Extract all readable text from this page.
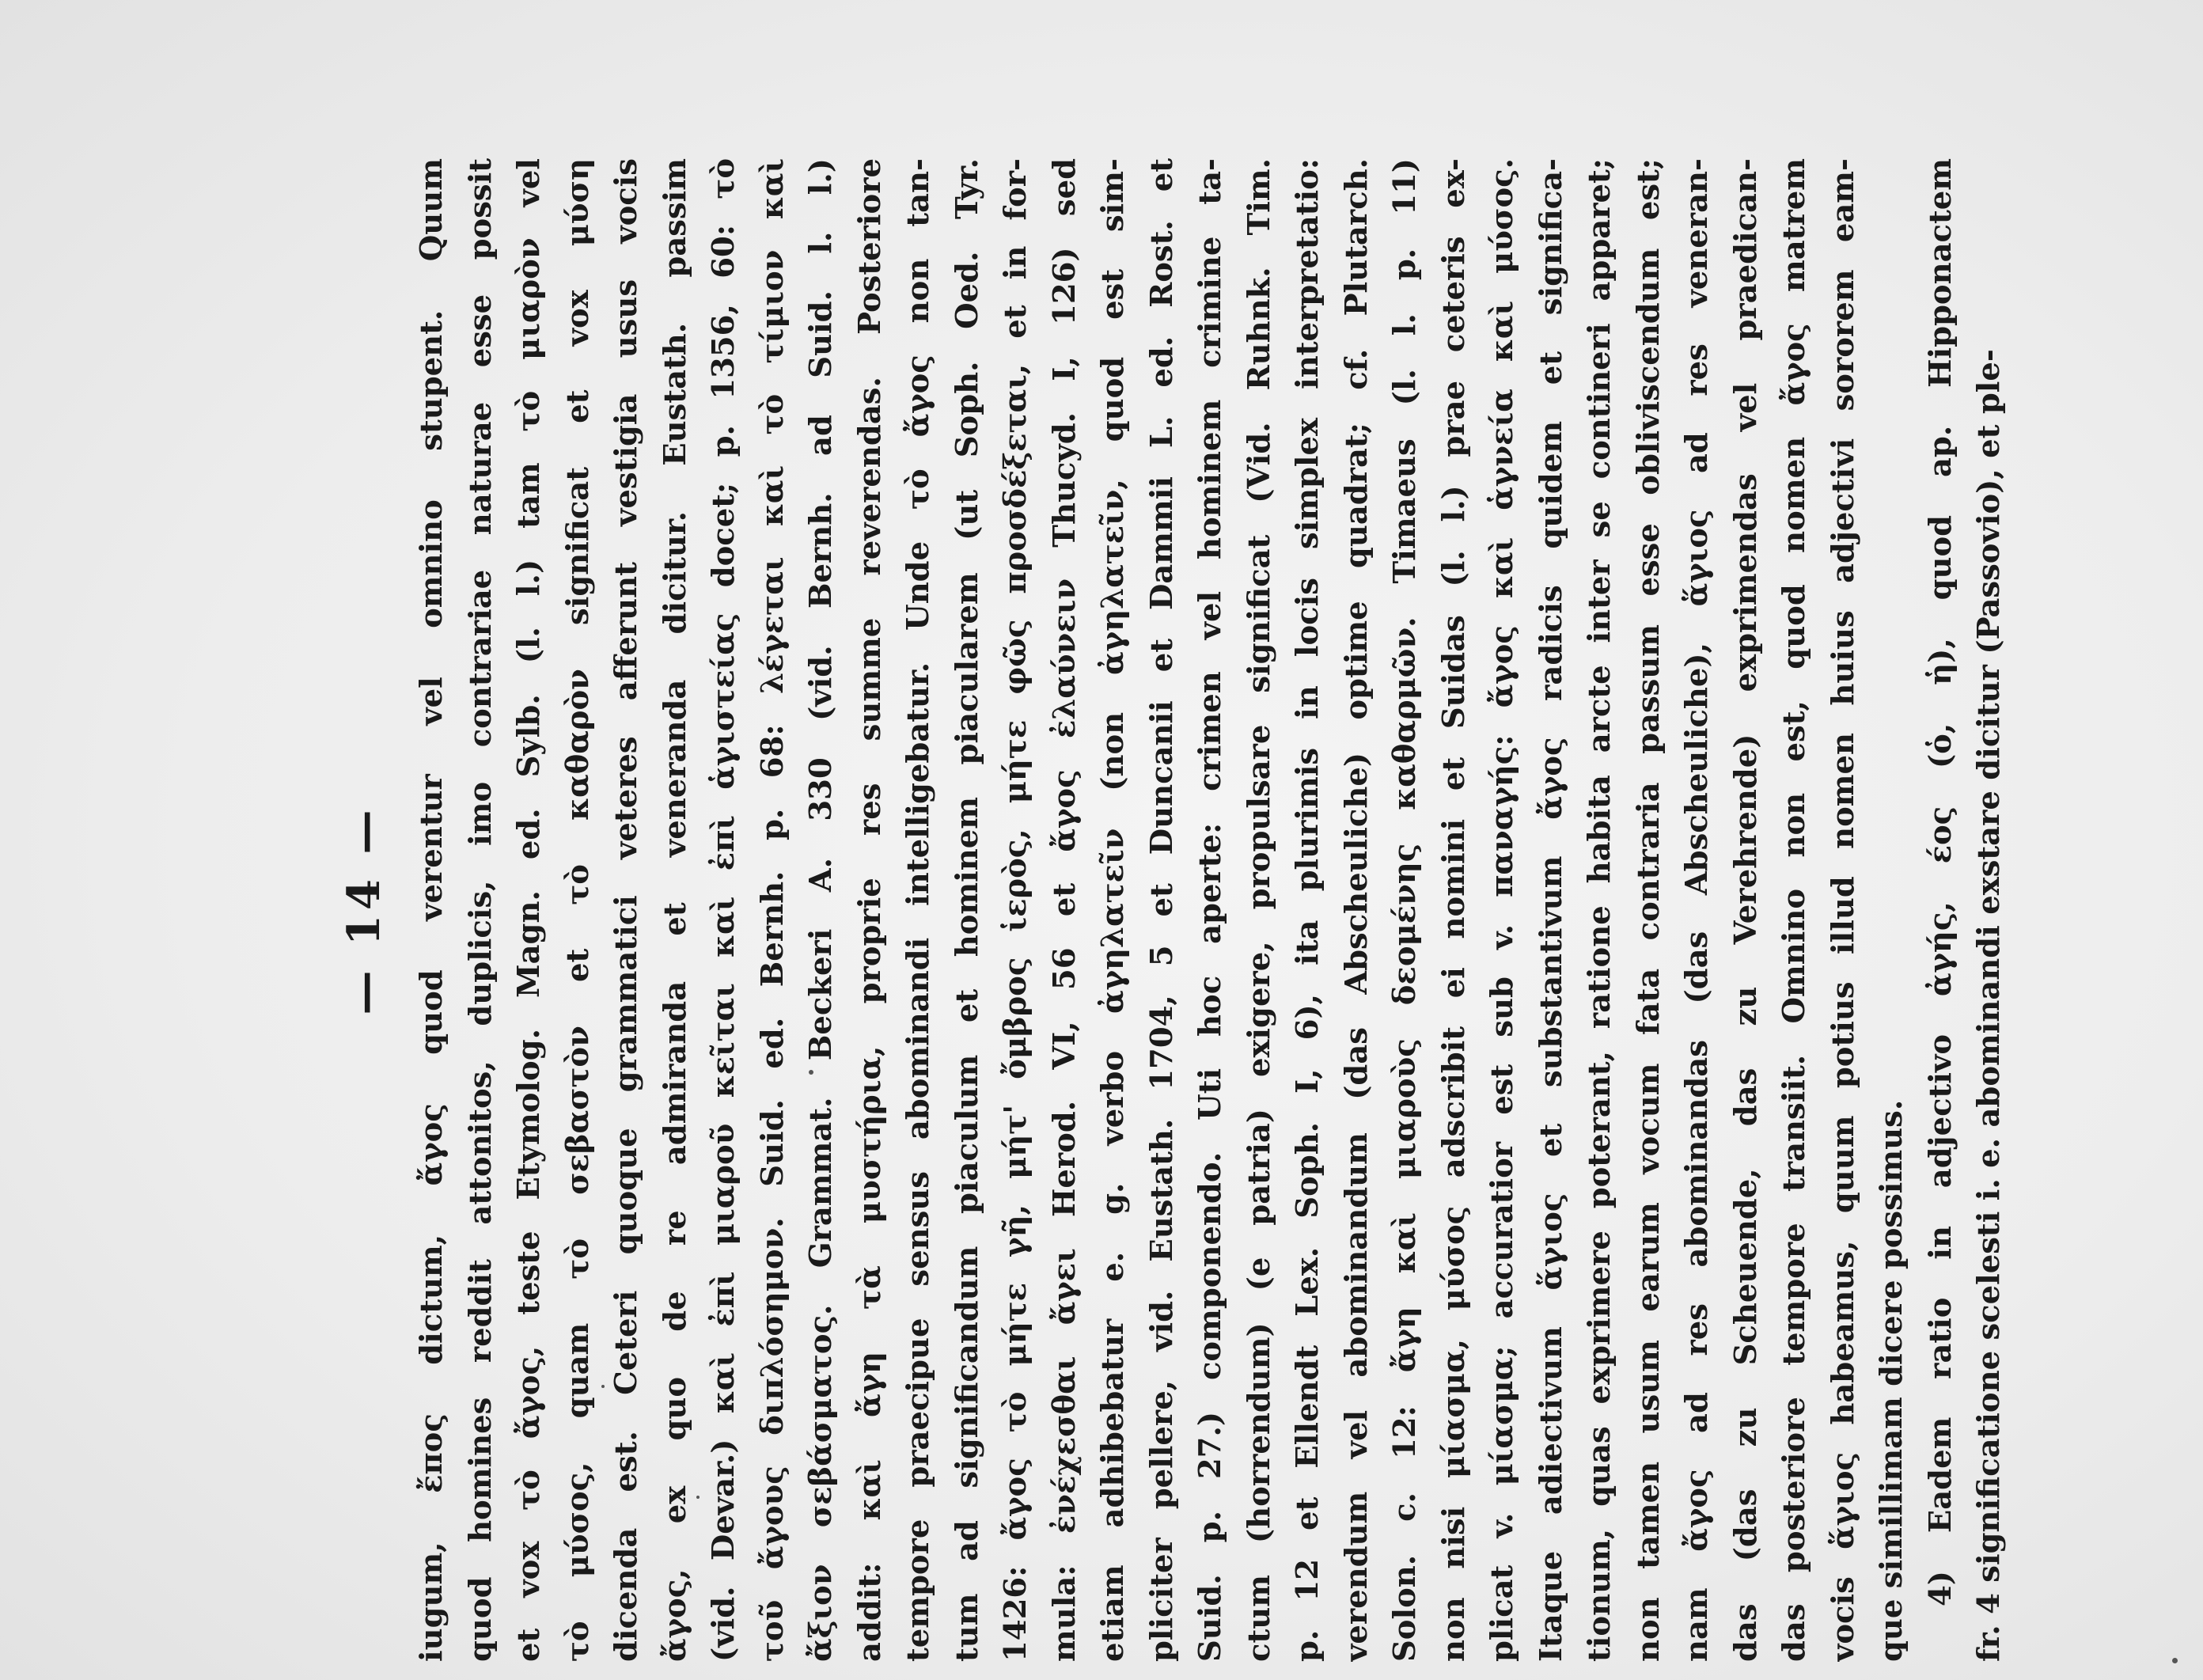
— 14 — iugum, ἔπος dictum, ἄγος quod verentur vel omnino stupent. Quum quod homines reddit attonitos, duplicis, imo contrariae naturae esse possit et vox τὸ ἄγος, teste Etymolog. Magn. ed. Sylb. (l. l.) tam τὸ μιαρὸν vel τὸ μύσος, quam τὸ σεβαστὸν et τὸ καθαρὸν significat et vox μύση dicenda est. Ceteri quoque grammatici veteres afferunt vestigia usus vocis ἄγος, ex quo de re admiranda et veneranda dicitur. Eustath. passim (vid. Devar.) καὶ ἐπὶ μιαροῦ κεῖται καὶ ἐπὶ ἁγιστείας docet; p. 1356, 60: τὸ τοῦ ἄγους διπλόσημον. Suid. ed. Bernh. p. 68: λέγεται καὶ τὸ τίμιον καὶ ἄξιον σεβάσματος. Grammat. Beckeri A. 330 (vid. Bernh. ad Suid. l. l.) addit: καὶ ἄγη τὰ μυστήρια, proprie res summe reverendas. Posteriore tempore praecipue sensus abominandi intelligebatur. Unde τὸ ἄγος non tan- tum ad significandum piaculum et hominem piacularem (ut Soph. Oed. Tyr. 1426: ἄγος τὸ μήτε γῆ, μήτ' ὄμβρος ἱερὸς, μήτε φῶς προσδέξεται, et in for- mula: ἐνέχεσθαι ἄγει Herod. VI, 56 et ἄγος ἐλαύνειν Thucyd. I, 126) sed etiam adhibebatur e. g. verbo ἀγηλατεῖν (non ἀγηλατεῖν, quod est sim- pliciter pellere, vid. Eustath. 1704, 5 et Duncanii et Dammii L. ed. Rost. et Suid. p. 27.) componendo. Uti hoc aperte: crimen vel hominem crimine ta- ctum (horrendum) (e patria) exigere, propulsare significat (Vid. Ruhnk. Tim. p. 12 et Ellendt Lex. Soph. I, 6), ita plurimis in locis simplex interpretatio: verendum vel abominandum (das Abscheuliche) optime quadrat; cf. Plutarch. Solon. c. 12: ἄγη καὶ μιαροὺς δεομένης καθαρμῶν. Timaeus (l. l. p. 11) non nisi μίασμα, μύσος adscribit ei nomini et Suidas (l. l.) prae ceteris ex- plicat v. μίασμα; accuratior est sub v. παναγής: ἄγος καὶ ἁγνεία καὶ μύσος. Itaque adiectivum ἅγιος et substantivum ἄγος radicis quidem et significa- tionum, quas exprimere poterant, ratione habita arcte inter se contineri apparet; non tamen usum earum vocum fata contraria passum esse obliviscendum est; nam ἄγος ad res abominandas (das Abscheuliche), ἅγιος ad res veneran- das (das zu Scheuende, das zu Verehrende) exprimendas vel praedican- das posteriore tempore transiit. Omnino non est, quod nomen ἄγος matrem vocis ἅγιος habeamus, quum potius illud nomen huius adjectivi sororem eam- que simillimam dicere possimus. 4) Eadem ratio in adjectivo ἀγής, έος (ὁ, ἡ), quod ap. Hipponactem fr. 4 significatione scelesti i. e. abominandi exstare dicitur (Passovio), et ple-
